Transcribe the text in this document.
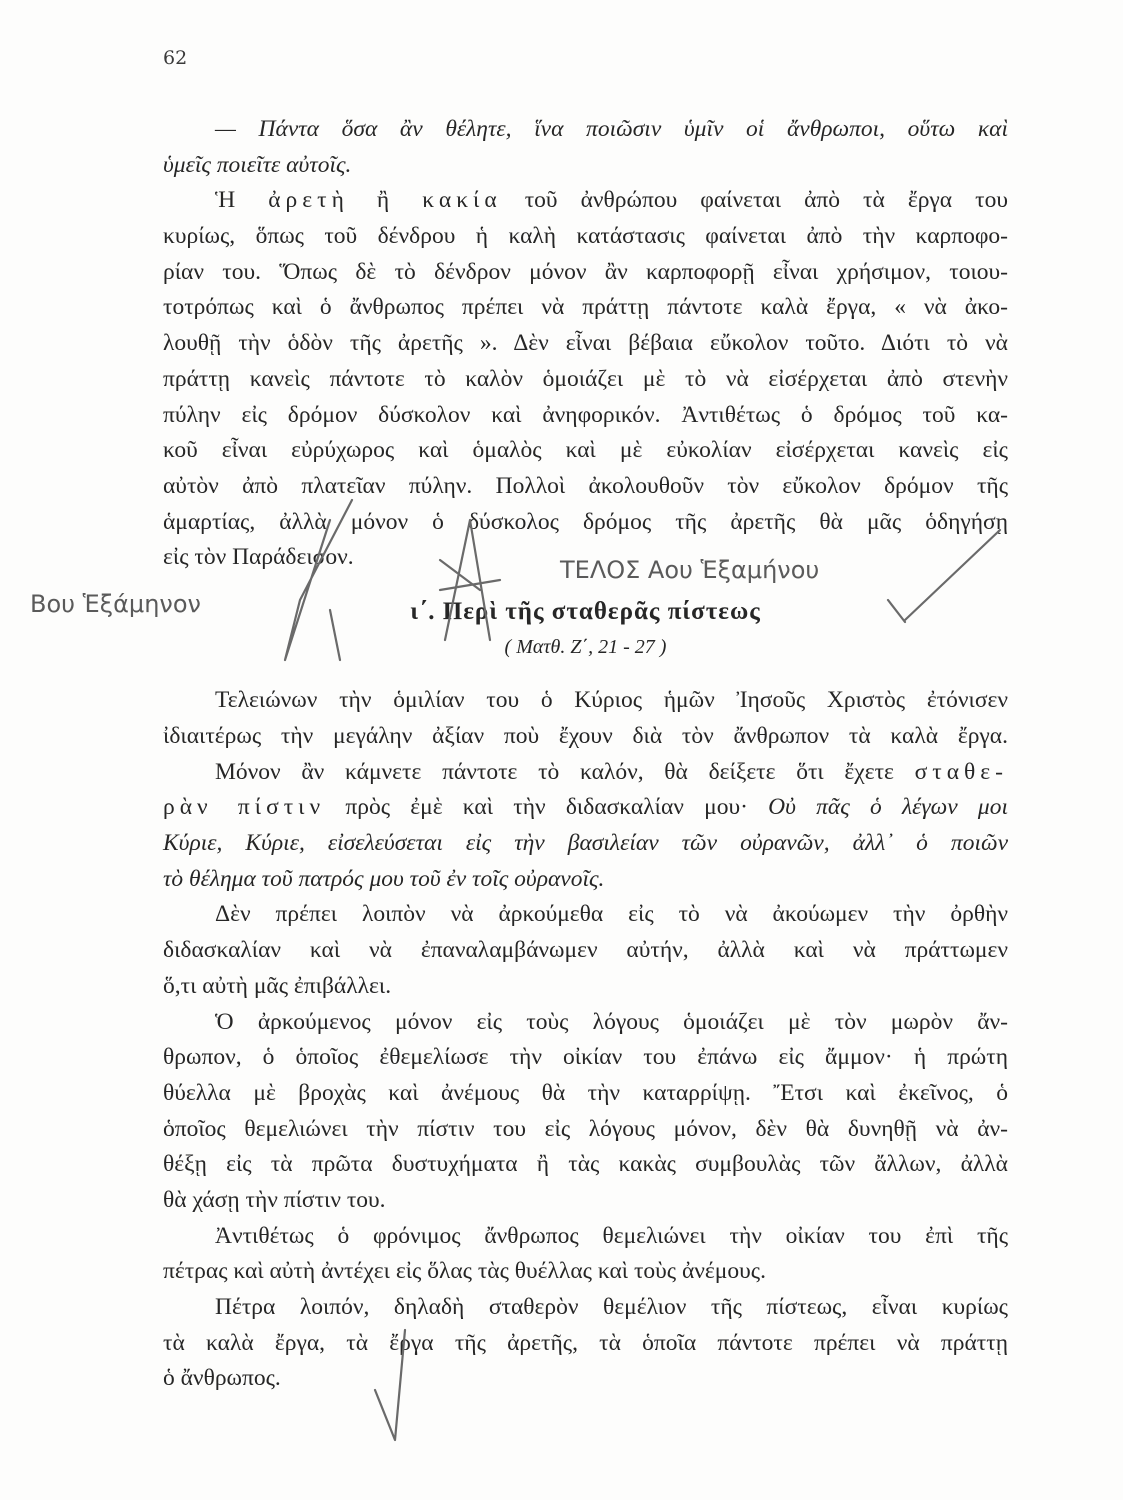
62
— Πάντα ὅσα ἂν θέλητε, ἵνα ποιῶσιν ὑμῖν οἱ ἄνθρωποι, οὕτω καὶ
ὑμεῖς ποιεῖτε αὐτοῖς.
Ἡ ἀρετὴ ἢ κακία τοῦ ἀνθρώπου φαίνεται ἀπὸ τὰ ἔργα του
κυρίως, ὅπως τοῦ δένδρου ἡ καλὴ κατάστασις φαίνεται ἀπὸ τὴν καρποφο-
ρίαν του. Ὅπως δὲ τὸ δένδρον μόνον ἂν καρποφορῇ εἶναι χρήσιμον, τοιου-
τοτρόπως καὶ ὁ ἄνθρωπος πρέπει νὰ πράττῃ πάντοτε καλὰ ἔργα, « νὰ ἀκο-
λουθῇ τὴν ὁδὸν τῆς ἀρετῆς ». Δὲν εἶναι βέβαια εὔκολον τοῦτο. Διότι τὸ νὰ
πράττῃ κανεὶς πάντοτε τὸ καλὸν ὁμοιάζει μὲ τὸ νὰ εἰσέρχεται ἀπὸ στενὴν
πύλην εἰς δρόμον δύσκολον καὶ ἀνηφορικόν. Ἀντιθέτως ὁ δρόμος τοῦ κα-
κοῦ εἶναι εὐρύχωρος καὶ ὁμαλὸς καὶ μὲ εὐκολίαν εἰσέρχεται κανεὶς εἰς
αὐτὸν ἀπὸ πλατεῖαν πύλην. Πολλοὶ ἀκολουθοῦν τὸν εὔκολον δρόμον τῆς
ἁμαρτίας, ἀλλὰ μόνον ὁ δύσκολος δρόμος τῆς ἀρετῆς θὰ μᾶς ὁδηγήσῃ
εἰς τὸν Παράδεισον.
ι΄. Περὶ τῆς σταθερᾶς πίστεως
( Ματθ. Ζ΄, 21 - 27 )
Τελειώνων τὴν ὁμιλίαν του ὁ Κύριος ἡμῶν Ἰησοῦς Χριστὸς ἐτόνισεν
ἰδιαιτέρως τὴν μεγάλην ἀξίαν ποὺ ἔχουν διὰ τὸν ἄνθρωπον τὰ καλὰ ἔργα.
Μόνον ἂν κάμνετε πάντοτε τὸ καλόν, θὰ δείξετε ὅτι ἔχετε σταθε-
ρὰν πίστιν πρὸς ἐμὲ καὶ τὴν διδασκαλίαν μου· Οὐ πᾶς ὁ λέγων μοι
Κύριε, Κύριε, εἰσελεύσεται εἰς τὴν βασιλείαν τῶν οὐρανῶν, ἀλλ᾽ ὁ ποιῶν
τὸ θέλημα τοῦ πατρός μου τοῦ ἐν τοῖς οὐρανοῖς.
Δὲν πρέπει λοιπὸν νὰ ἀρκούμεθα εἰς τὸ νὰ ἀκούωμεν τὴν ὀρθὴν
διδασκαλίαν καὶ νὰ ἐπαναλαμβάνωμεν αὐτήν, ἀλλὰ καὶ νὰ πράττωμεν
ὅ,τι αὐτὴ μᾶς ἐπιβάλλει.
Ὁ ἀρκούμενος μόνον εἰς τοὺς λόγους ὁμοιάζει μὲ τὸν μωρὸν ἄν-
θρωπον, ὁ ὁποῖος ἐθεμελίωσε τὴν οἰκίαν του ἐπάνω εἰς ἄμμον· ἡ πρώτη
θύελλα μὲ βροχὰς καὶ ἀνέμους θὰ τὴν καταρρίψῃ. Ἔτσι καὶ ἐκεῖνος, ὁ
ὁποῖος θεμελιώνει τὴν πίστιν του εἰς λόγους μόνον, δὲν θὰ δυνηθῇ νὰ ἀν-
θέξῃ εἰς τὰ πρῶτα δυστυχήματα ἢ τὰς κακὰς συμβουλὰς τῶν ἄλλων, ἀλλὰ
θὰ χάσῃ τὴν πίστιν του.
Ἀντιθέτως ὁ φρόνιμος ἄνθρωπος θεμελιώνει τὴν οἰκίαν του ἐπὶ τῆς
πέτρας καὶ αὐτὴ ἀντέχει εἰς ὅλας τὰς θυέλλας καὶ τοὺς ἀνέμους.
Πέτρα λοιπόν, δηλαδὴ σταθερὸν θεμέλιον τῆς πίστεως, εἶναι κυρίως
τὰ καλὰ ἔργα, τὰ ἔργα τῆς ἀρετῆς, τὰ ὁποῖα πάντοτε πρέπει νὰ πράττῃ
ὁ ἄνθρωπος.
ΤΕΛΟΣ Αου Ἑξαμήνου
Βου Ἑξάμηνον
